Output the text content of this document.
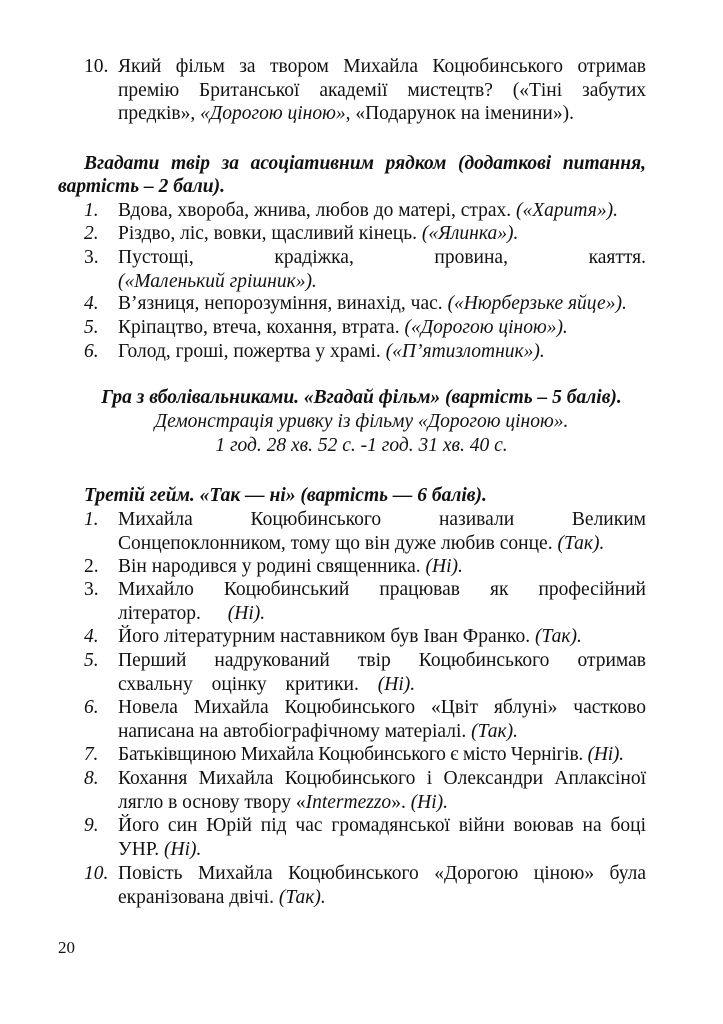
10. Який фільм за твором Михайла Коцюбинського отримав премію Британської академії мистецтв? («Тіні забутих предків», «Дорогою ціною», «Подарунок на іменини»).
Вгадати твір за асоціативним рядком (додаткові питання,
вартість – 2 бали).
1. Вдова, хвороба, жнива, любов до матері, страх. («Харитя»).
2. Різдво, ліс, вовки, щасливий кінець. («Ялинка»).
3. Пустощі, крадіжка, провина, каяття. («Маленький грішник»).
4. В’язниця, непорозуміння, винахід, час. («Нюрберзьке яйце»).
5. Кріпацтво, втеча, кохання, втрата. («Дорогою ціною»).
6. Голод, гроші, пожертва у храмі. («П’ятизлотник»).
Гра з вболівальниками. «Вгадай фільм» (вартість – 5 балів).
Демонстрація уривку із фільму «Дорогою ціною».
1 год. 28 хв. 52 с. -1 год. 31 хв. 40 с.
Третій гейм. «Так — ні» (вартість — 6 балів).
1. Михайла Коцюбинського називали Великим Сонцепоклонником, тому що він дуже любив сонце. (Так).
2. Він народився у родині священника. (Ні).
3. Михайло Коцюбинський працював як професійний літератор. (Ні).
4. Його літературним наставником був Іван Франко. (Так).
5. Перший надрукований твір Коцюбинського отримав схвальну оцінку критики. (Ні).
6. Новела Михайла Коцюбинського «Цвіт яблуні» частково написана на автобіографічному матеріалі. (Так).
7.	Батьківщиною Михайла Коцюбинського є місто Чернігів. (Ні).
8. Кохання Михайла Коцюбинського і Олександри Аплаксіної лягло в основу твору «Intermezzo». (Ні).
9. Його син Юрій під час громадянської війни воював на боці УНР. (Ні).
10. Повість Михайла Коцюбинського «Дорогою ціною» була екранізована двічі. (Так).
20
